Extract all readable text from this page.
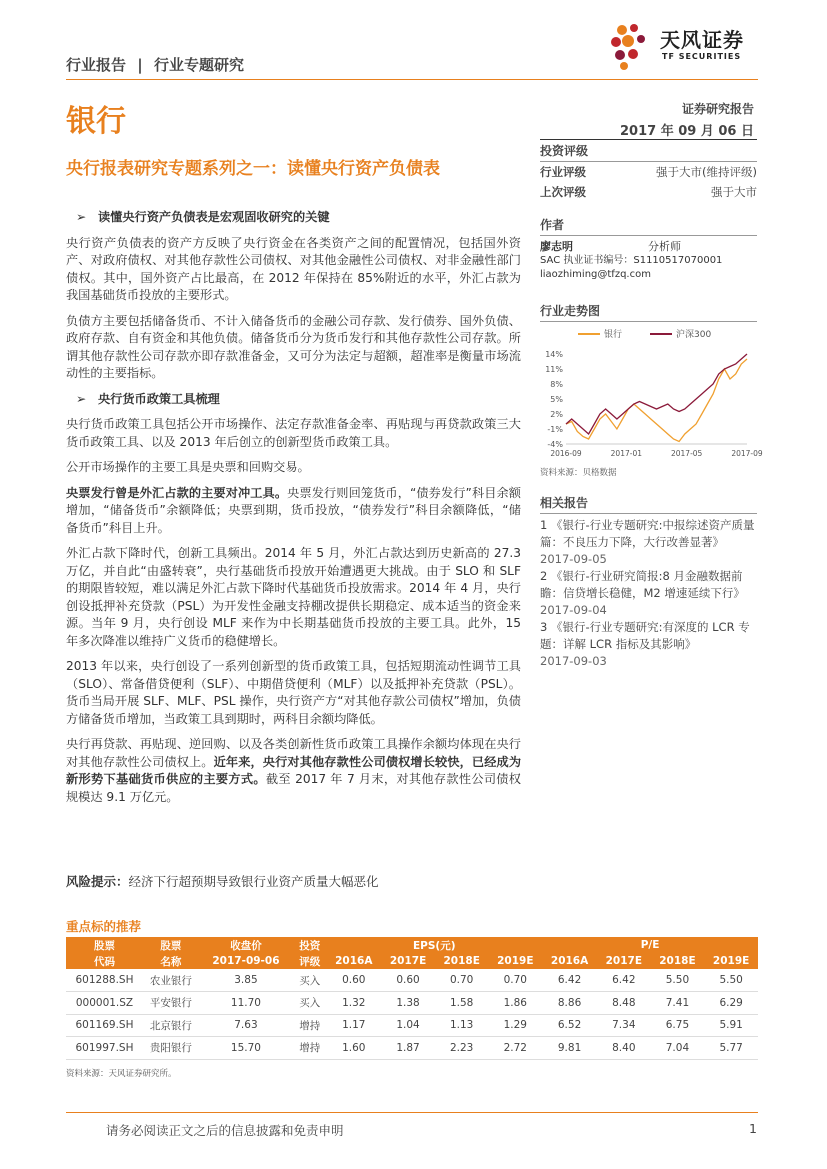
天风证券
TF SECURITIES
行业报告 | 行业专题研究
银行	证券研究报告
2017 年 09 月 06 日
央行报表研究专题系列之一：读懂央行资产负债表
➢ 读懂央行资产负债表是宏观固收研究的关键

央行资产负债表的资产方反映了央行资金在各类资产之间的配置情况，包括国外资产、对政府债权、对其他存款性公司债权、对其他金融性公司债权、对非金融性部门债权。其中，国外资产占比最高，在 2012 年保持在 85%附近的水平，外汇占款为我国基础货币投放的主要形式。

负债方主要包括储备货币、不计入储备货币的金融公司存款、发行债券、国外负债、政府存款、自有资金和其他负债。储备货币分为货币发行和其他存款性公司存款。所谓其他存款性公司存款亦即存款准备金，又可分为法定与超额，超准率是衡量市场流动性的主要指标。

➢ 央行货币政策工具梳理

央行货币政策工具包括公开市场操作、法定存款准备金率、再贴现与再贷款政策三大货币政策工具、以及 2013 年后创立的创新型货币政策工具。

公开市场操作的主要工具是央票和回购交易。

央票发行曾是外汇占款的主要对冲工具。央票发行则回笼货币，“债券发行”科目余额增加，“储备货币”余额降低；央票到期，货币投放，“债券发行”科目余额降低，“储备货币”科目上升。

外汇占款下降时代，创新工具频出。2014 年 5 月，外汇占款达到历史新高的 27.3 万亿，并自此“由盛转衰”，央行基础货币投放开始遭遇更大挑战。由于 SLO 和 SLF 的期限皆较短，难以满足外汇占款下降时代基础货币投放需求。2014 年 4 月，央行创设抵押补充贷款（PSL）为开发性金融支持棚改提供长期稳定、成本适当的资金来源。当年 9 月，央行创设 MLF 来作为中长期基础货币投放的主要工具。此外，15 年多次降准以维持广义货币的稳健增长。

2013 年以来，央行创设了一系列创新型的货币政策工具，包括短期流动性调节工具（SLO）、常备借贷便利（SLF）、中期借贷便利（MLF）以及抵押补充贷款（PSL）。货币当局开展 SLF、MLF、PSL 操作，央行资产方“对其他存款公司债权”增加，负债方储备货币增加，当政策工具到期时，两科目余额均降低。

央行再贷款、再贴现、逆回购、以及各类创新性货币政策工具操作余额均体现在央行对其他存款性公司债权上。近年来，央行对其他存款性公司债权增长较快，已经成为新形势下基础货币供应的主要方式。截至 2017 年 7 月末，对其他存款性公司债权规模达 9.1 万亿元。

风险提示：经济下行超预期导致银行业资产质量大幅恶化
投资评级
行业评级	强于大市(维持评级)
上次评级	强于大市
作者
廖志明	分析师
SAC 执业证书编号：S1110517070001
liaozhiming@tfzq.com
行业走势图
银行	沪深300
14%
11%
8%
5%
2%
-1%
-4%
2016-09	2017-01	2017-05	2017-09
资料来源：贝格数据
相关报告
1 《银行-行业专题研究:中报综述资产质量篇：不良压力下降，大行改善显著》
2017-09-05
2 《银行-行业研究简报:8 月金融数据前瞻：信贷增长稳健，M2 增速延续下行》
2017-09-04
3 《银行-行业专题研究:有深度的 LCR 专题：详解 LCR 指标及其影响》
2017-09-03
重点标的推荐
股票	股票	收盘价	投资	EPS(元)				P/E			
代码	名称	2017-09-06	评级	2016A	2017E	2018E	2019E	2016A	2017E	2018E	2019E
601288.SH	农业银行	3.85	买入	0.60	0.60	0.70	0.70	6.42	6.42	5.50	5.50
000001.SZ	平安银行	11.70	买入	1.32	1.38	1.58	1.86	8.86	8.48	7.41	6.29
601169.SH	北京银行	7.63	增持	1.17	1.04	1.13	1.29	6.52	7.34	6.75	5.91
601997.SH	贵阳银行	15.70	增持	1.60	1.87	2.23	2.72	9.81	8.40	7.04	5.77
资料来源：天风证券研究所。
请务必阅读正文之后的信息披露和免责申明	1
